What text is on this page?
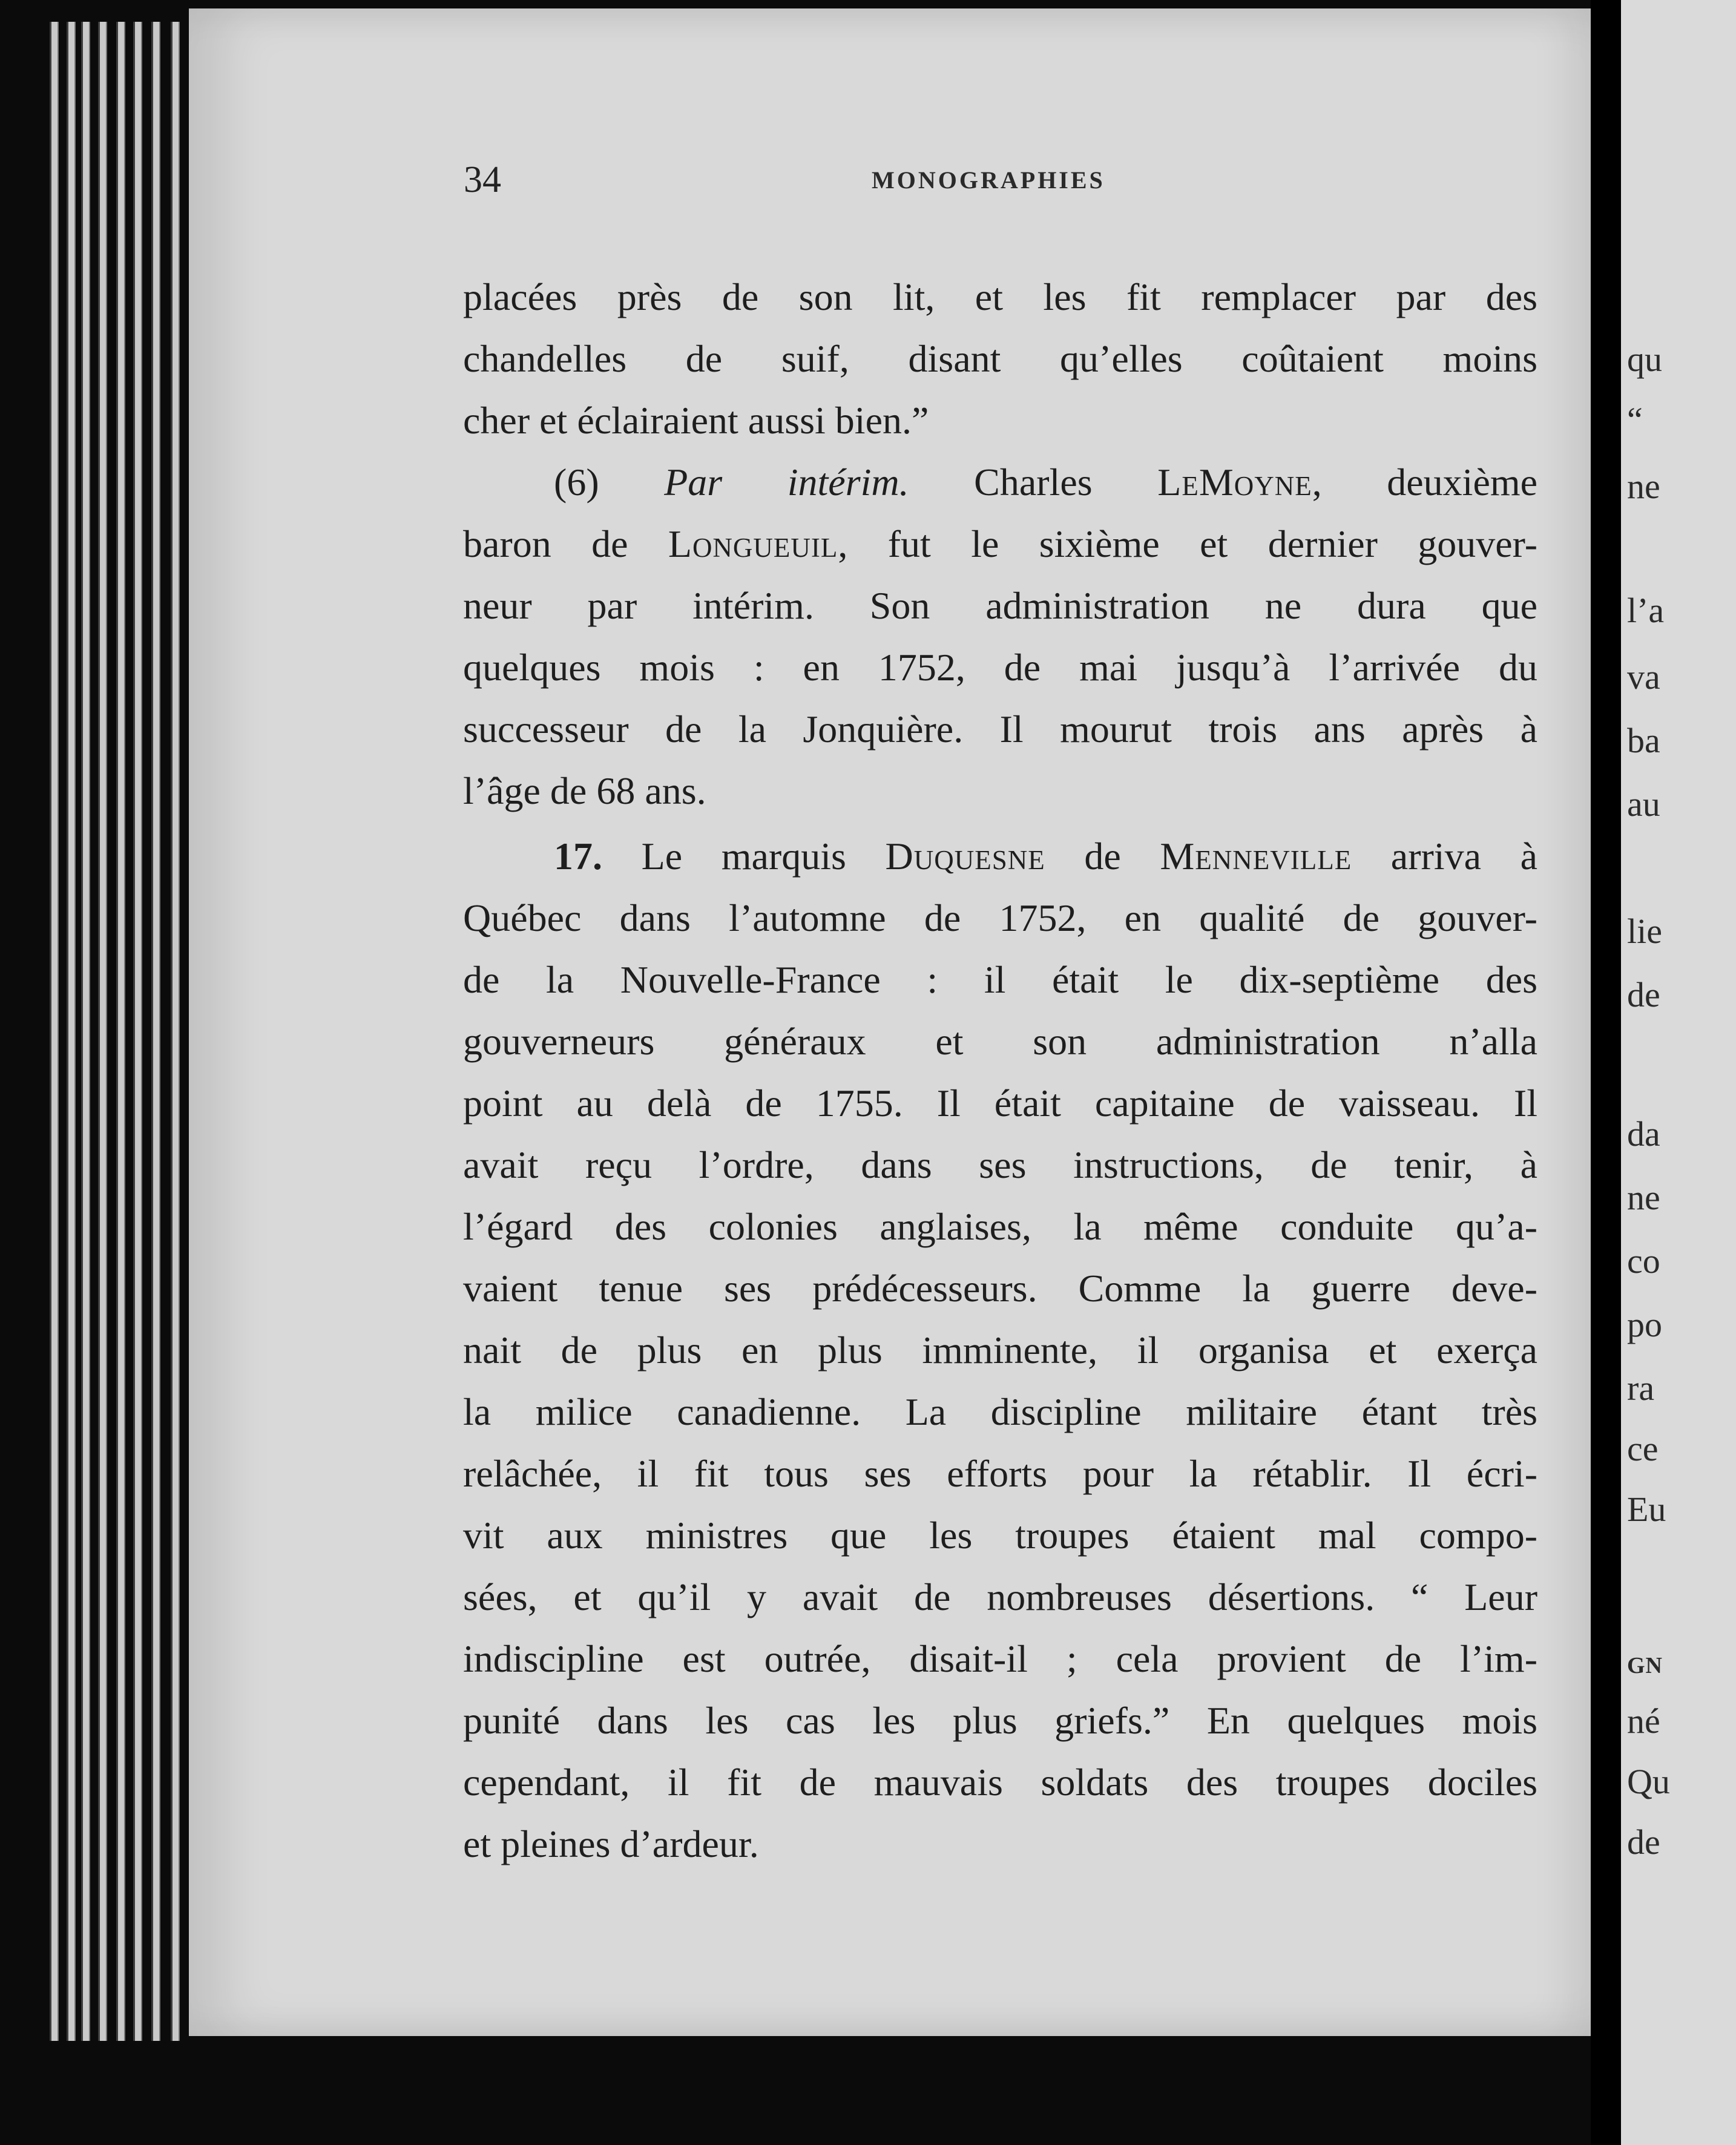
qu
“
ne
l’a
va
ba
au
lie
de
da
ne
co
po
ra
ce
Eu
GN
né
Qu
de
34	MONOGRAPHIES
placées près de son lit, et les fit remplacer par des
chandelles de suif, disant qu’elles coûtaient moins
cher et éclairaient aussi bien.”
(6) Par intérim. Charles LeMoyne, deuxième
baron de Longueuil, fut le sixième et dernier gouver-
neur par intérim. Son administration ne dura que
quelques mois : en 1752, de mai jusqu’à l’arrivée du
successeur de la Jonquière. Il mourut trois ans après à
l’âge de 68 ans.
17. Le marquis Duquesne de Menneville arriva à
Québec dans l’automne de 1752, en qualité de gouver-
de la Nouvelle-France : il était le dix-septième des
gouverneurs généraux et son administration n’alla
point au delà de 1755. Il était capitaine de vaisseau. Il
avait reçu l’ordre, dans ses instructions, de tenir, à
l’égard des colonies anglaises, la même conduite qu’a-
vaient tenue ses prédécesseurs. Comme la guerre deve-
nait de plus en plus imminente, il organisa et exerça
la milice canadienne. La discipline militaire étant très
relâchée, il fit tous ses efforts pour la rétablir. Il écri-
vit aux ministres que les troupes étaient mal compo-
sées, et qu’il y avait de nombreuses désertions. “ Leur
indiscipline est outrée, disait-il ; cela provient de l’im-
punité dans les cas les plus griefs.” En quelques mois
cependant, il fit de mauvais soldats des troupes dociles
et pleines d’ardeur.
